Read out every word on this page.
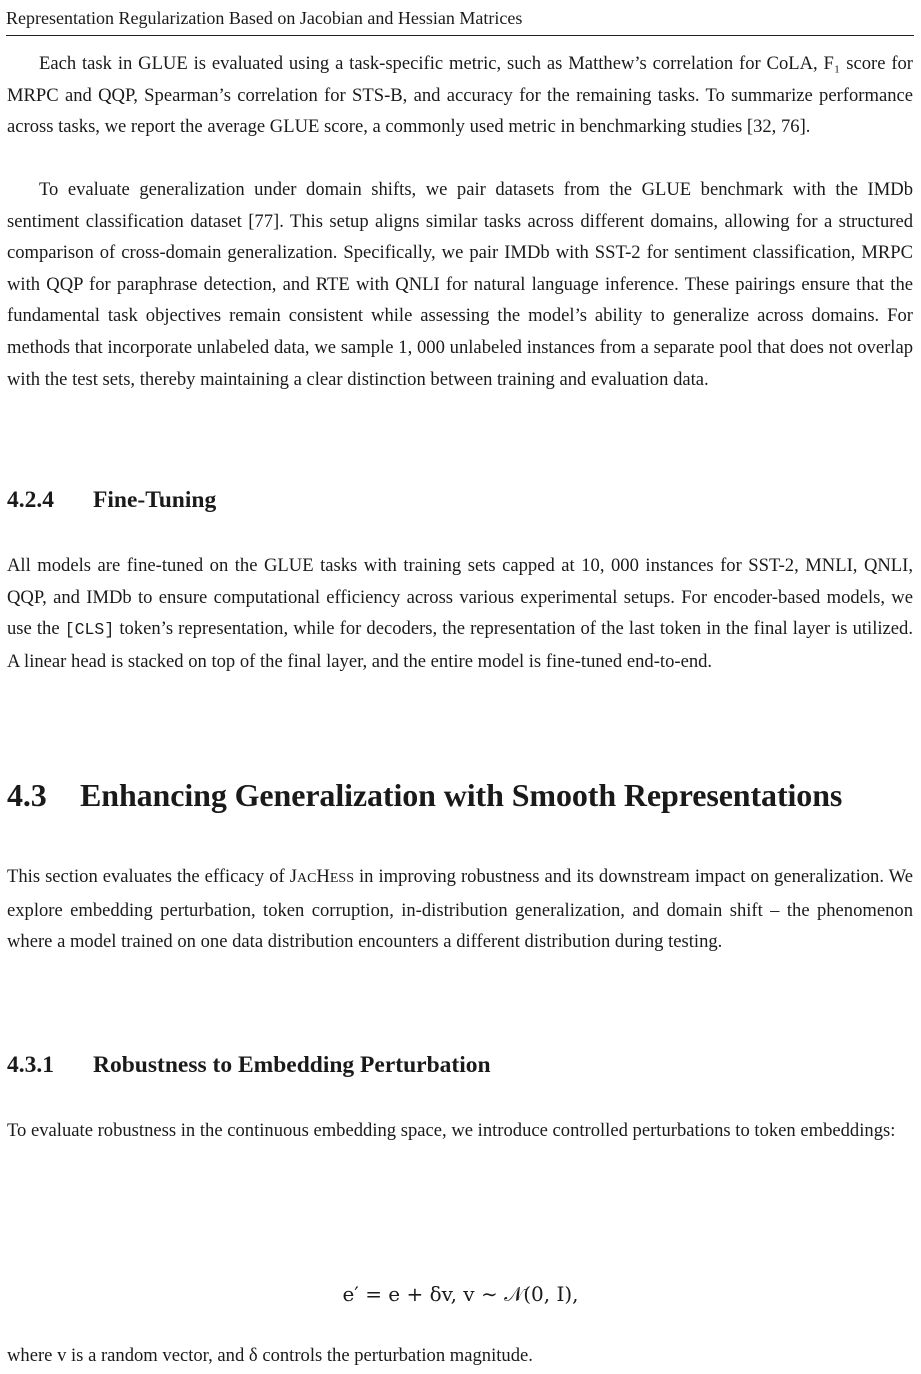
Representation Regularization Based on Jacobian and Hessian Matrices

Each task in GLUE is evaluated using a task-specific metric, such as Matthew’s correlation for CoLA, F₁ score for MRPC and QQP, Spearman’s correlation for STS-B, and accuracy for the remaining tasks. To summarize performance across tasks, we report the average GLUE score, a commonly used metric in benchmarking studies [32, 76].

To evaluate generalization under domain shifts, we pair datasets from the GLUE benchmark with the IMDb sentiment classification dataset [77]. This setup aligns similar tasks across different domains, allowing for a structured comparison of cross-domain generalization. Specifically, we pair IMDb with SST-2 for sentiment classification, MRPC with QQP for paraphrase detection, and RTE with QNLI for natural language inference. These pairings ensure that the fundamental task objectives remain consistent while assessing the model’s ability to generalize across domains. For methods that incorporate unlabeled data, we sample 1, 000 unlabeled instances from a separate pool that does not overlap with the test sets, thereby maintaining a clear distinction between training and evaluation data.

4.2.4 Fine-Tuning

All models are fine-tuned on the GLUE tasks with training sets capped at 10, 000 instances for SST-2, MNLI, QNLI, QQP, and IMDb to ensure computational efficiency across various experimental setups. For encoder-based models, we use the [CLS] token’s representation, while for decoders, the representation of the last token in the final layer is utilized. A linear head is stacked on top of the final layer, and the entire model is fine-tuned end-to-end.

4.3 Enhancing Generalization with Smooth Representations

This section evaluates the efficacy of JACHESS in improving robustness and its downstream impact on generalization. We explore embedding perturbation, token corruption, in-distribution generalization, and domain shift – the phenomenon where a model trained on one data distribution encounters a different distribution during testing.

4.3.1 Robustness to Embedding Perturbation

To evaluate robustness in the continuous embedding space, we introduce controlled perturbations to token embeddings:

e′ = e + δv, v ∼ 𝒩(0, I),

where v is a random vector, and δ controls the perturbation magnitude.
